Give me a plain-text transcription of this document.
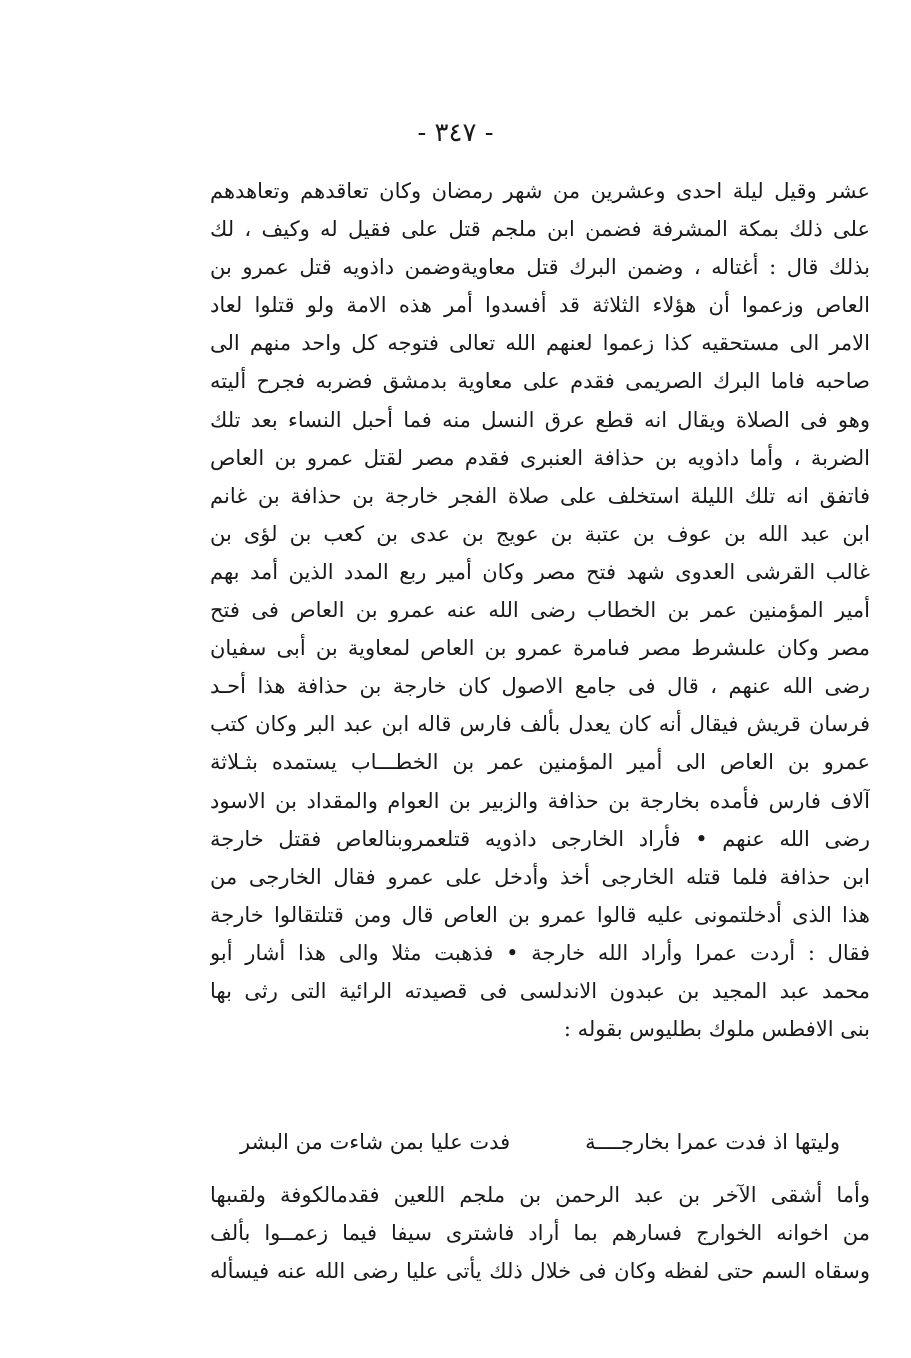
- ٣٤٧ -
عشر وقيل ليلة احدى وعشرين من شهر رمضان وكان تعاقدهم وتعاهدهم
على ذلك بمكة المشرفة فضمن ابن ملجم قتل على فقيل له وكيف ، لك
بذلك قال : أغتاله ، وضمن البرك قتل معاويةوضمن داذويه قتل عمرو بن
العاص وزعموا أن هؤلاء الثلاثة قد أفسدوا أمر هذه الامة ولو قتلوا لعاد
الامر الى مستحقيه كذا زعموا لعنهم الله تعالى فتوجه كل واحد منهم الى
صاحبه فاما البرك الصريمى فقدم على معاوية بدمشق فضربه فجرح أليته
وهو فى الصلاة ويقال انه قطع عرق النسل منه فما أحبل النساء بعد تلك
الضربة ، وأما داذويه بن حذافة العنبرى فقدم مصر لقتل عمرو بن العاص
فاتفق انه تلك الليلة استخلف على صلاة الفجر خارجة بن حذافة بن غانم
ابن عبد الله بن عوف بن عتبة بن عويج بن عدى بن كعب بن لؤى بن
غالب القرشى العدوى شهد فتح مصر وكان أمير ربع المدد الذين أمد بهم
أمير المؤمنين عمر بن الخطاب رضى الله عنه عمرو بن العاص فى فتح
مصر وكان علىشرط مصر فىامرة عمرو بن العاص لمعاوية بن أبى سفيان
رضى الله عنهم ، قال فى جامع الاصول كان خارجة بن حذافة هذا أحـد
فرسان قريش فيقال أنه كان يعدل بألف فارس قاله ابن عبد البر وكان كتب
عمرو بن العاص الى أمير المؤمنين عمر بن الخطـــاب يستمده بثـلاثة
آلاف فارس فأمده بخارجة بن حذافة والزبير بن العوام والمقداد بن الاسود
رضى الله عنهم • فأراد الخارجى داذويه قتلعمروبنالعاص فقتل خارجة
ابن حذافة فلما قتله الخارجى أخذ وأدخل على عمرو فقال الخارجى من
هذا الذى أدخلتمونى عليه قالوا عمرو بن العاص قال ومن قتلتقالوا خارجة
فقال : أردت عمرا وأراد الله خارجة • فذهبت مثلا والى هذا أشار أبو
محمد عبد المجيد بن عبدون الاندلسى فى قصيدته الرائية التى رثى بها
بنى الافطس ملوك بطليوس بقوله :
وليتها اذ فدت عمرا بخارجــــة
فدت عليا بمن شاءت من البشر
وأما أشقى الآخر بن عبد الرحمن بن ملجم اللعين فقدمالكوفة ولقىبها
من اخوانه الخوارج فسارهم بما أراد فاشترى سيفا فيما زعمــوا بألف
وسقاه السم حتى لفظه وكان فى خلال ذلك يأتى عليا رضى الله عنه فيسأله
